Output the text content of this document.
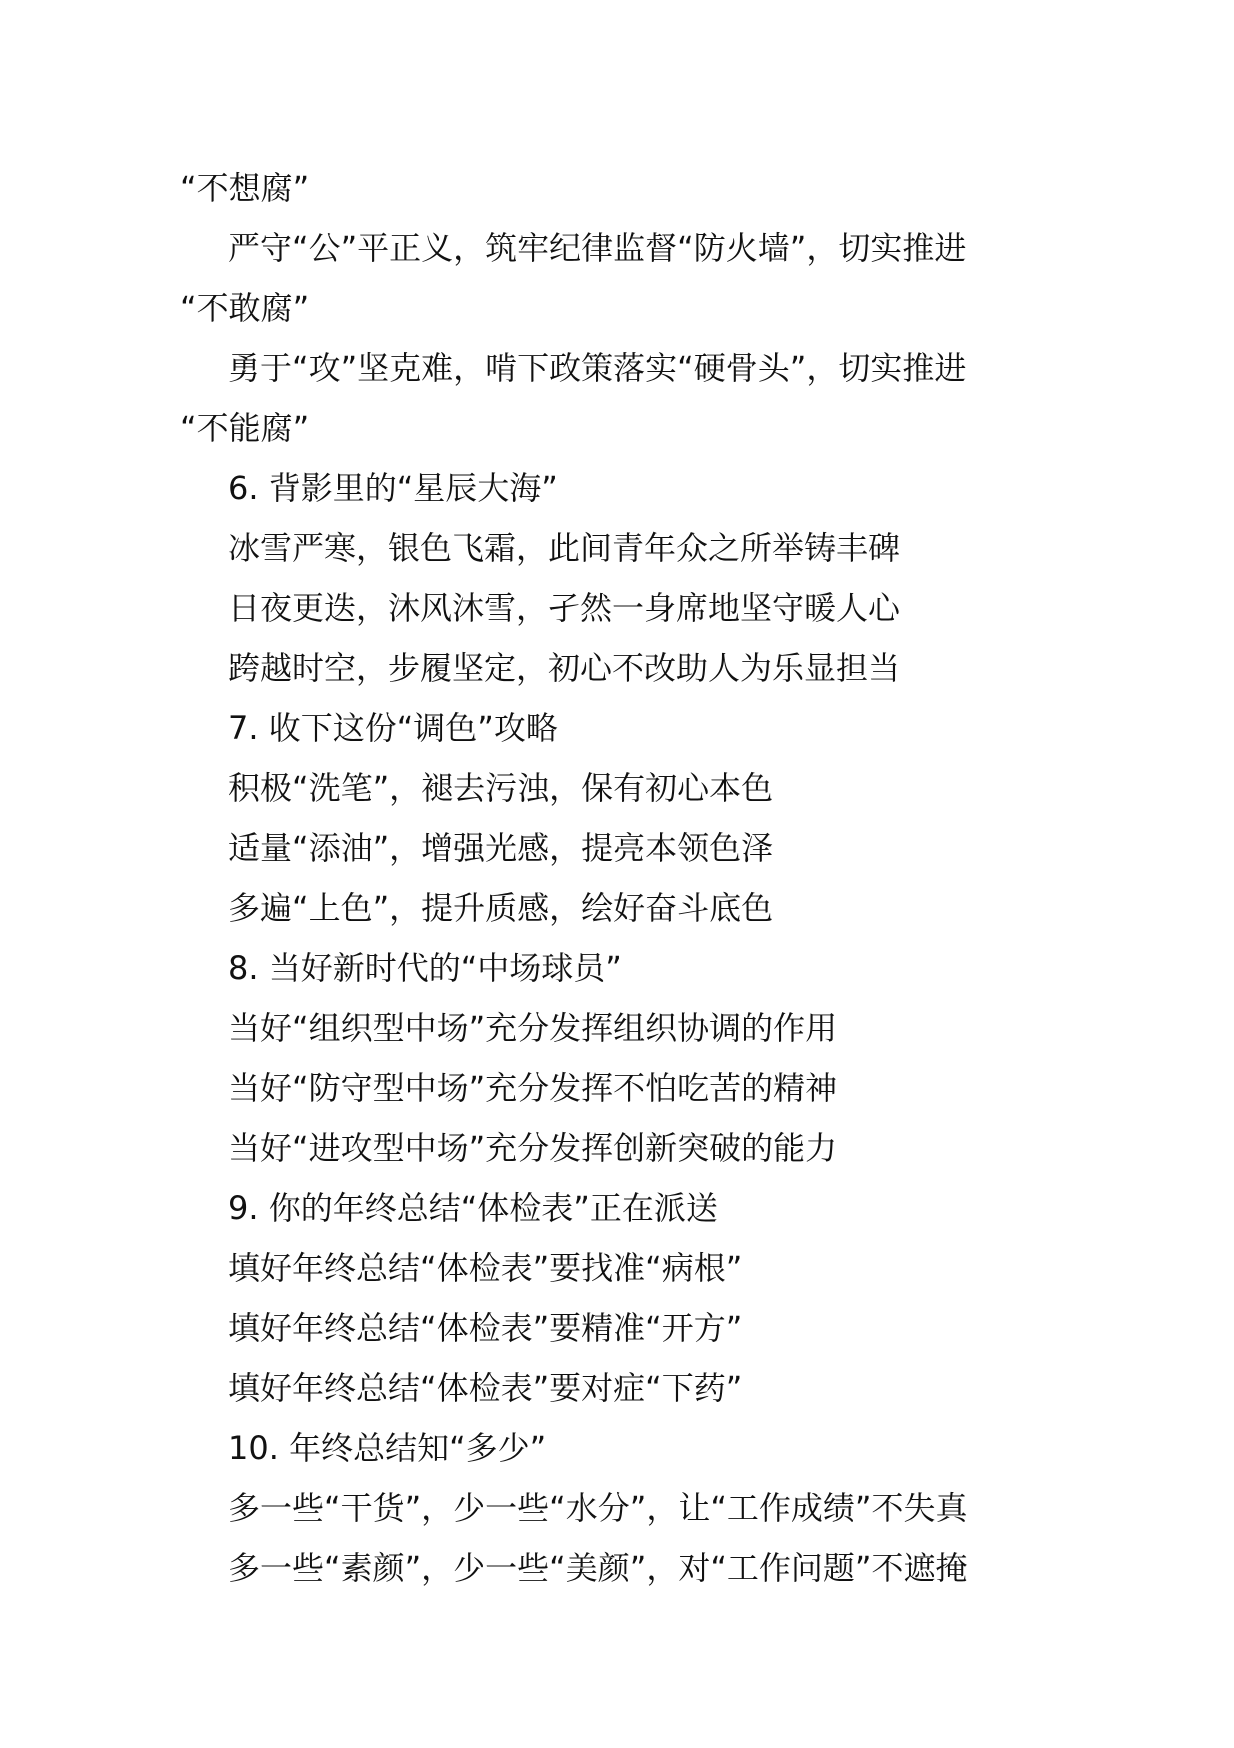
“不想腐”
严守“公”平正义，筑牢纪律监督“防火墙”，切实推进
“不敢腐”
勇于“攻”坚克难，啃下政策落实“硬骨头”，切实推进
“不能腐”
6. 背影里的“星辰大海”
冰雪严寒，银色飞霜，此间青年众之所举铸丰碑
日夜更迭，沐风沐雪，孑然一身席地坚守暖人心
跨越时空，步履坚定，初心不改助人为乐显担当
7. 收下这份“调色”攻略
积极“洗笔”，褪去污浊，保有初心本色
适量“添油”，增强光感，提亮本领色泽
多遍“上色”，提升质感，绘好奋斗底色
8. 当好新时代的“中场球员”
当好“组织型中场”充分发挥组织协调的作用
当好“防守型中场”充分发挥不怕吃苦的精神
当好“进攻型中场”充分发挥创新突破的能力
9. 你的年终总结“体检表”正在派送
填好年终总结“体检表”要找准“病根”
填好年终总结“体检表”要精准“开方”
填好年终总结“体检表”要对症“下药”
10. 年终总结知“多少”
多一些“干货”，少一些“水分”，让“工作成绩”不失真
多一些“素颜”，少一些“美颜”，对“工作问题”不遮掩
